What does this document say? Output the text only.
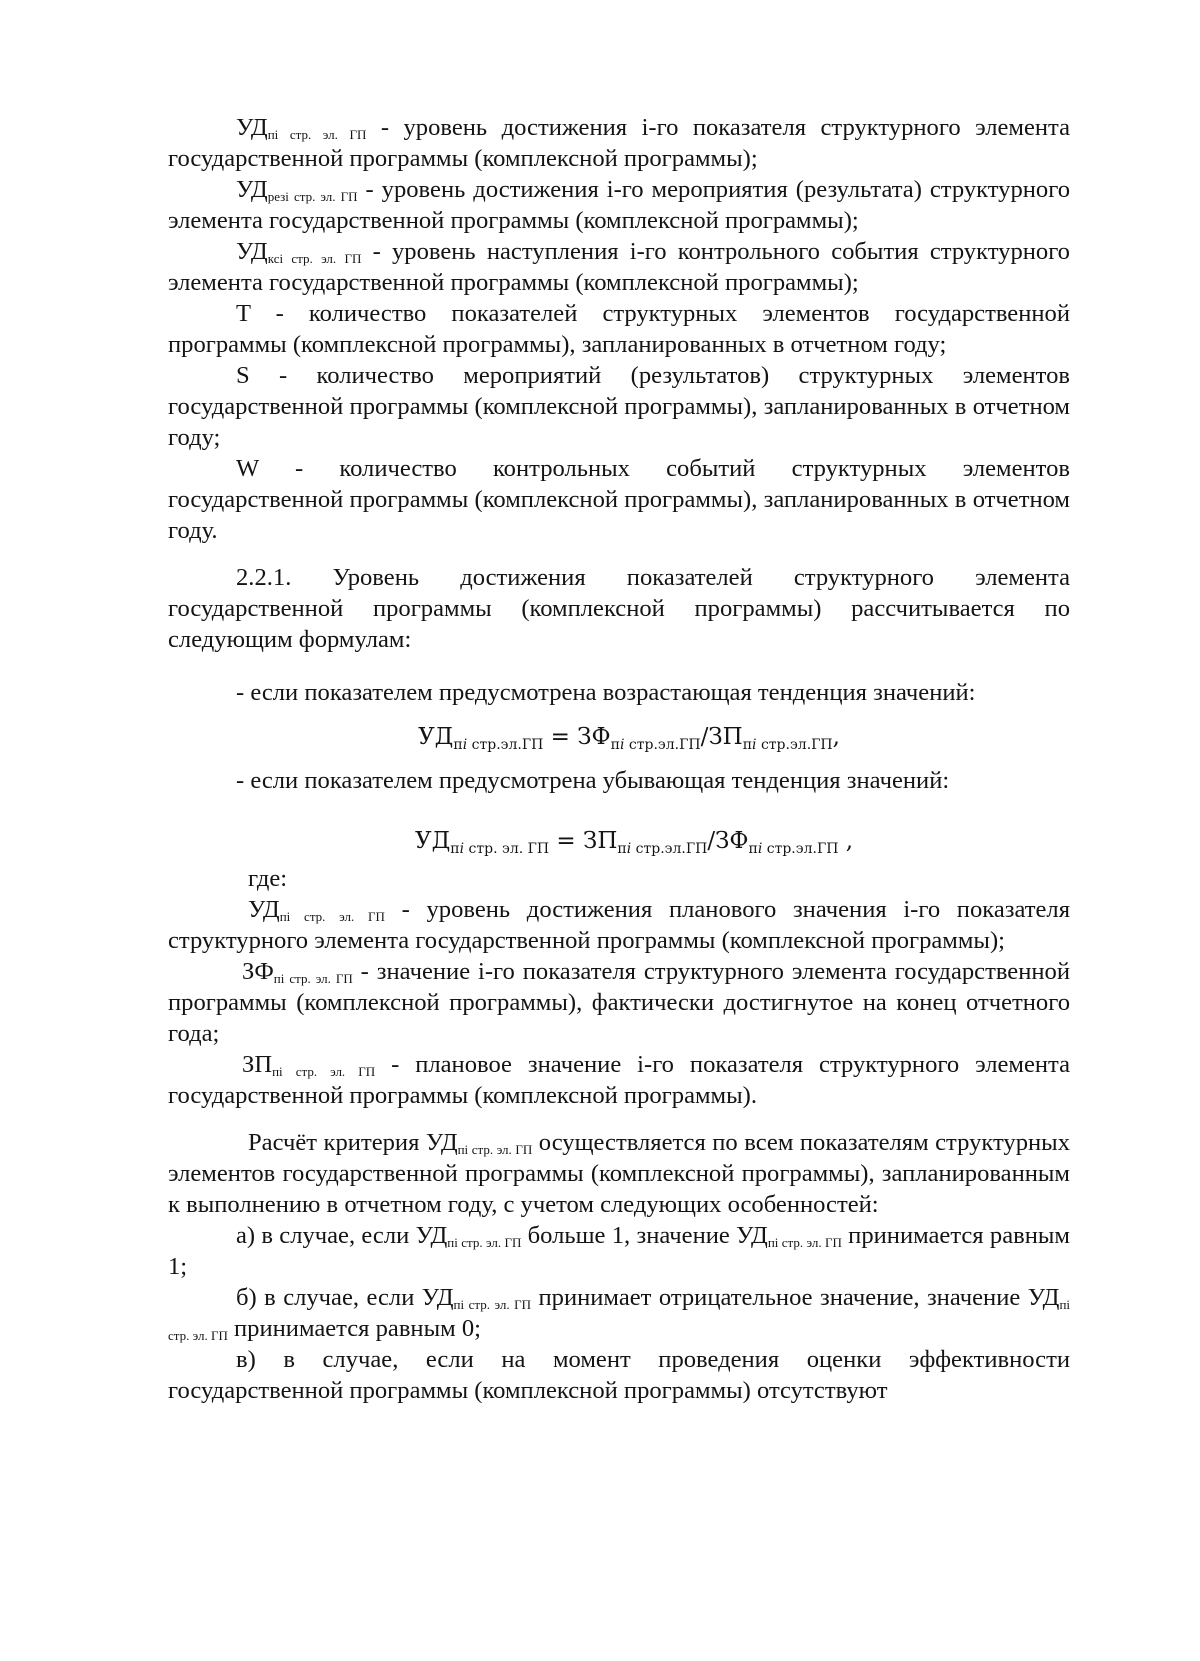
$УД_{пі стр. эл. ГП}$ - уровень достижения i-го показателя структурного элемента государственной программы (комплексной программы);

$УД_{резі стр. эл. ГП}$ - уровень достижения i-го мероприятия (результата) структурного элемента государственной программы (комплексной программы);

$УД_{ксі стр. эл. ГП}$ - уровень наступления i-го контрольного события структурного элемента государственной программы (комплексной программы);

T - количество показателей структурных элементов государственной программы (комплексной программы), запланированных в отчетном году;

S - количество мероприятий (результатов) структурных элементов государственной программы (комплексной программы), запланированных в отчетном году;

W - количество контрольных событий структурных элементов государственной программы (комплексной программы), запланированных в отчетном году.

2.2.1. Уровень достижения показателей структурного элемента государственной программы (комплексной программы) рассчитывается по следующим формулам:

- если показателем предусмотрена возрастающая тенденция значений:

$УД_{п𝑖 стр.эл.ГП} = ЗФ_{п𝑖 стр.эл.ГП}/ЗП_{п𝑖 стр.эл.ГП}$,

- если показателем предусмотрена убывающая тенденция значений:

$УД_{п𝑖 стр. эл. ГП} = ЗП_{п𝑖 стр.эл.ГП}/ЗФ_{п𝑖 стр.эл.ГП}$ ,

где:

$УД_{пі стр. эл. ГП}$ - уровень достижения планового значения i-го показателя структурного элемента государственной программы (комплексной программы);

$ЗФ_{пі стр. эл. ГП}$ - значение i-го показателя структурного элемента государственной программы (комплексной программы), фактически достигнутое на конец отчетного года;

$ЗП_{пі стр. эл. ГП}$ - плановое значение i-го показателя структурного элемента государственной программы (комплексной программы).

Расчёт критерия $УД_{пі стр. эл. ГП}$ осуществляется по всем показателям структурных элементов государственной программы (комплексной программы), запланированным к выполнению в отчетном году, с учетом следующих особенностей:

а) в случае, если $УД_{пі стр. эл. ГП}$ больше 1, значение $УД_{пі стр. эл. ГП}$ принимается равным 1;

б) в случае, если $УД_{пі стр. эл. ГП}$ принимает отрицательное значение, значение $УД_{пі стр. эл. ГП}$ принимается равным 0;

в) в случае, если на момент проведения оценки эффективности государственной программы (комплексной программы) отсутствуют
